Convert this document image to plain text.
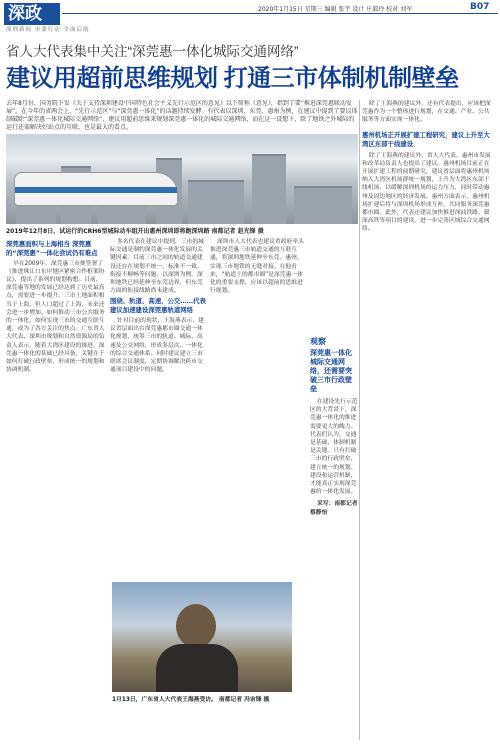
深政
深圳新闻 市委行动 全面启航
2020年1月15日 星期三 编辑 张宇 设计 庄淑玲 校对 刘军	B07
省人大代表集中关注“深莞惠一体化城际交通网络”
建议用超前思维规划 打通三市体制机制壁垒
去年8月份，国务院下发《关于支持深圳建设中国特色社会主义先行示范区的意见》以下简称《意见》，指到了要“推进深莞惠联动发展”。在今年的省两会上，“先行示范区”与“深莞惠一体化”的话题持续发酵。有代表以深圳、东莞、惠州为例，在建议中提到了要以体制破除“深莞惠一体化城际交通网络”，建议用超前思维来规划深莞惠一体化的城际交通网络，而在这一设想下，除了地铁之外城际的运行还需解决好站点的互联，也是最大的看点。
2019年12月8日，试运行的CRH6型城际动车组开出惠州深圳即将跑深圳路 南都记者 赵光锋 摄

除了王海燕的建议外，还有代表提出，应该把深莞惠作为一个整体进行规划，在交通、产业、公共服务等方面实现一体化。

惠州机场正开展扩建工程研究，建议上升至大湾区东部干线建设

除了王海燕的建议外，省人大代表、惠州市发展和改革局负责人也提出了建议。惠州机场目前正在开展扩建工程的前期研究，建议省层面将惠州机场纳入大湾区机场群统一规划，上升为大湾区东部干线机场，以缓解深圳机场的运力压力，同时带动惠州及周边地区的经济发展。惠州方面表示，惠州机场扩建后将与深圳机场形成互补，共同服务深莞惠都市圈。此外，代表还建议加快推进深汕铁路、赣深高铁等项目的建设，进一步完善区域综合交通网络。

深莞惠面积与上海相当 深莞惠的“深莞惠”一体化尝试仍有难点

早在2009年，深莞惠三市便签署了《推进珠江口东岸地区紧密合作框架协议》，提出了系列的规划构想。目前，深莞惠等地的发展已经达到了历史最高点，需要进一步提升。三市土地面积相当于上海，但人口超过了上海，未来还会进一步增加。如何推动三市公共服务的一体化，如何实现三市的交通互联互通，成为了各方关注的焦点。广东省人大代表、深圳市规划和自然资源局的负责人表示，随着大湾区建设的推进，深莞惠一体化的基础已经具备，关键在于如何打破行政壁垒，形成统一的规划和协调机制。

多名代表在建议中提到，三市的城际交通是制约深莞惠一体化发展的关键因素。目前三市之间的轨道交通建设还存在规划不统一、标准不一致、衔接不顺畅等问题。以深圳为例，深圳地铁已经延伸至东莞边界，但东莞方面的衔接线路尚未建成。

围绕、轨道、高速、公交……代表建议加速建设深莞惠轨道网络

针对目前的现状，王海燕表示，建议省层面出台深莞惠都市圈交通一体化规划，统筹三市的轨道、城际、高速及公交网络，形成多层次、一体化的综合交通体系。同时建议建立三市联席会议制度，定期协调解决跨市交通项目建设中的问题。

深圳市人大代表也建议省政府牵头推进深莞惠三市轨道交通的互联互通，将深圳地铁延伸至东莞、惠州，实现三市地铁的无缝对接。在他看来，“轨道上的都市圈”是深莞惠一体化的重要支撑，应该以超前的思维进行规划。

观察
深莞惠一体化城际交通网络，还需要突破三市行政壁垒

在建设先行示范区的大背景下，深莞惠一体化的推进需要更大的魄力。代表们认为，交通是基础，体制机制是关键。只有打破三市的行政壁垒，建立统一的规划、建设和运营机制，才能真正实现深莞惠的一体化发展。

采写：南都记者 蔡静怡

1月13日，广东省人大代表王海燕受访。 南都记者 冯宙锋 摄
